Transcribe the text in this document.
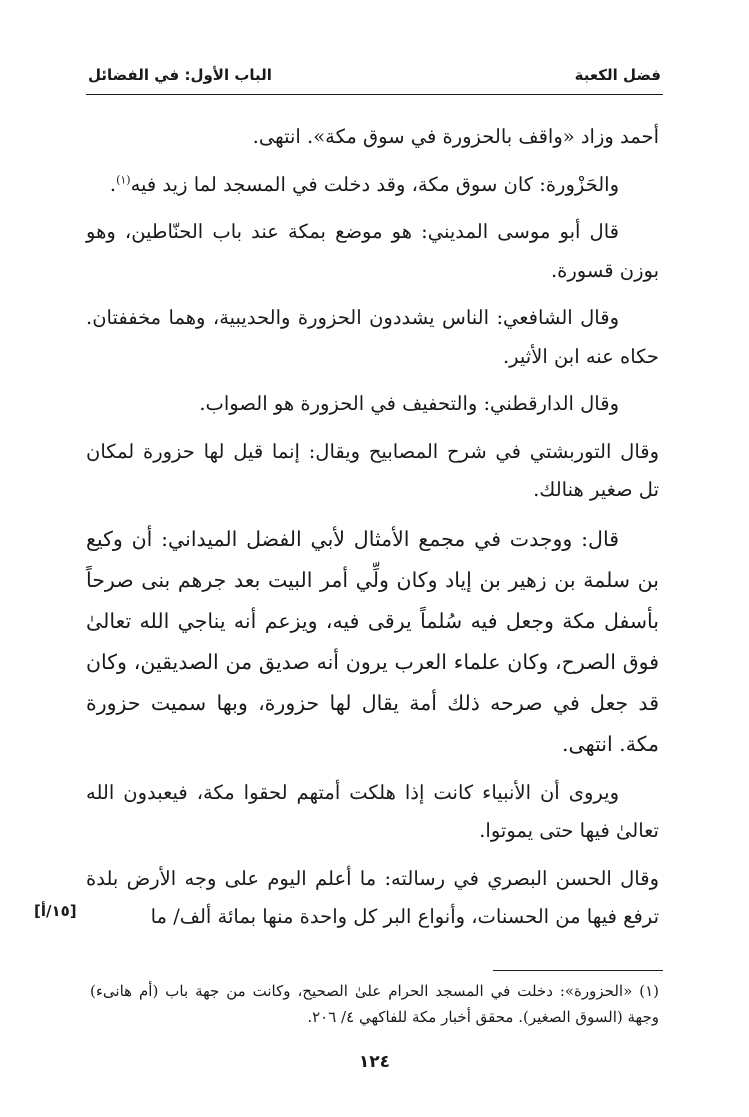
فضل الكعبة
الباب الأول: في الفضائل

أحمد وزاد «واقف بالحزورة في سوق مكة». انتهى.

والحَزْورة: كان سوق مكة، وقد دخلت في المسجد لما زيد فيه$^{(١)}$.

قال أبو موسى المديني: هو موضع بمكة عند باب الحنّاطين، وهو بوزن قسورة.

وقال الشافعي: الناس يشددون الحزورة والحديبية، وهما مخففتان. حكاه عنه ابن الأثير.

وقال الدارقطني: والتحفيف في الحزورة هو الصواب.

وقال التوربشتي في شرح المصابيح ويقال: إنما قيل لها حزورة لمكان تل صغير هنالك.

قال: ووجدت في مجمع الأمثال لأبي الفضل الميداني: أن وكيع بن سلمة بن زهير بن إياد وكان ولِّي أمر البيت بعد جرهم بنى صرحاً بأسفل مكة وجعل فيه سُلماً يرقى فيه، ويزعم أنه يناجي الله تعالىٰ فوق الصرح، وكان علماء العرب يرون أنه صديق من الصديقين، وكان قد جعل في صرحه ذلك أمة يقال لها حزورة، وبها سميت حزورة مكة. انتهى.

ويروى أن الأنبياء كانت إذا هلكت أمتهم لحقوا مكة، فيعبدون الله تعالىٰ فيها حتى يموتوا.

وقال الحسن البصري في رسالته: ما أعلم اليوم على وجه الأرض بلدة ترفع فيها من الحسنات، وأنواع البر كل واحدة منها بمائة ألف/ ما
[١٥/أ]

(١) «الحزورة»: دخلت في المسجد الحرام علىٰ الصحيح، وكانت من جهة باب (أم هانىء) وجهة (السوق الصغير). محقق أخبار مكة للفاكهي ٤/ ٢٠٦.
١٢٤
